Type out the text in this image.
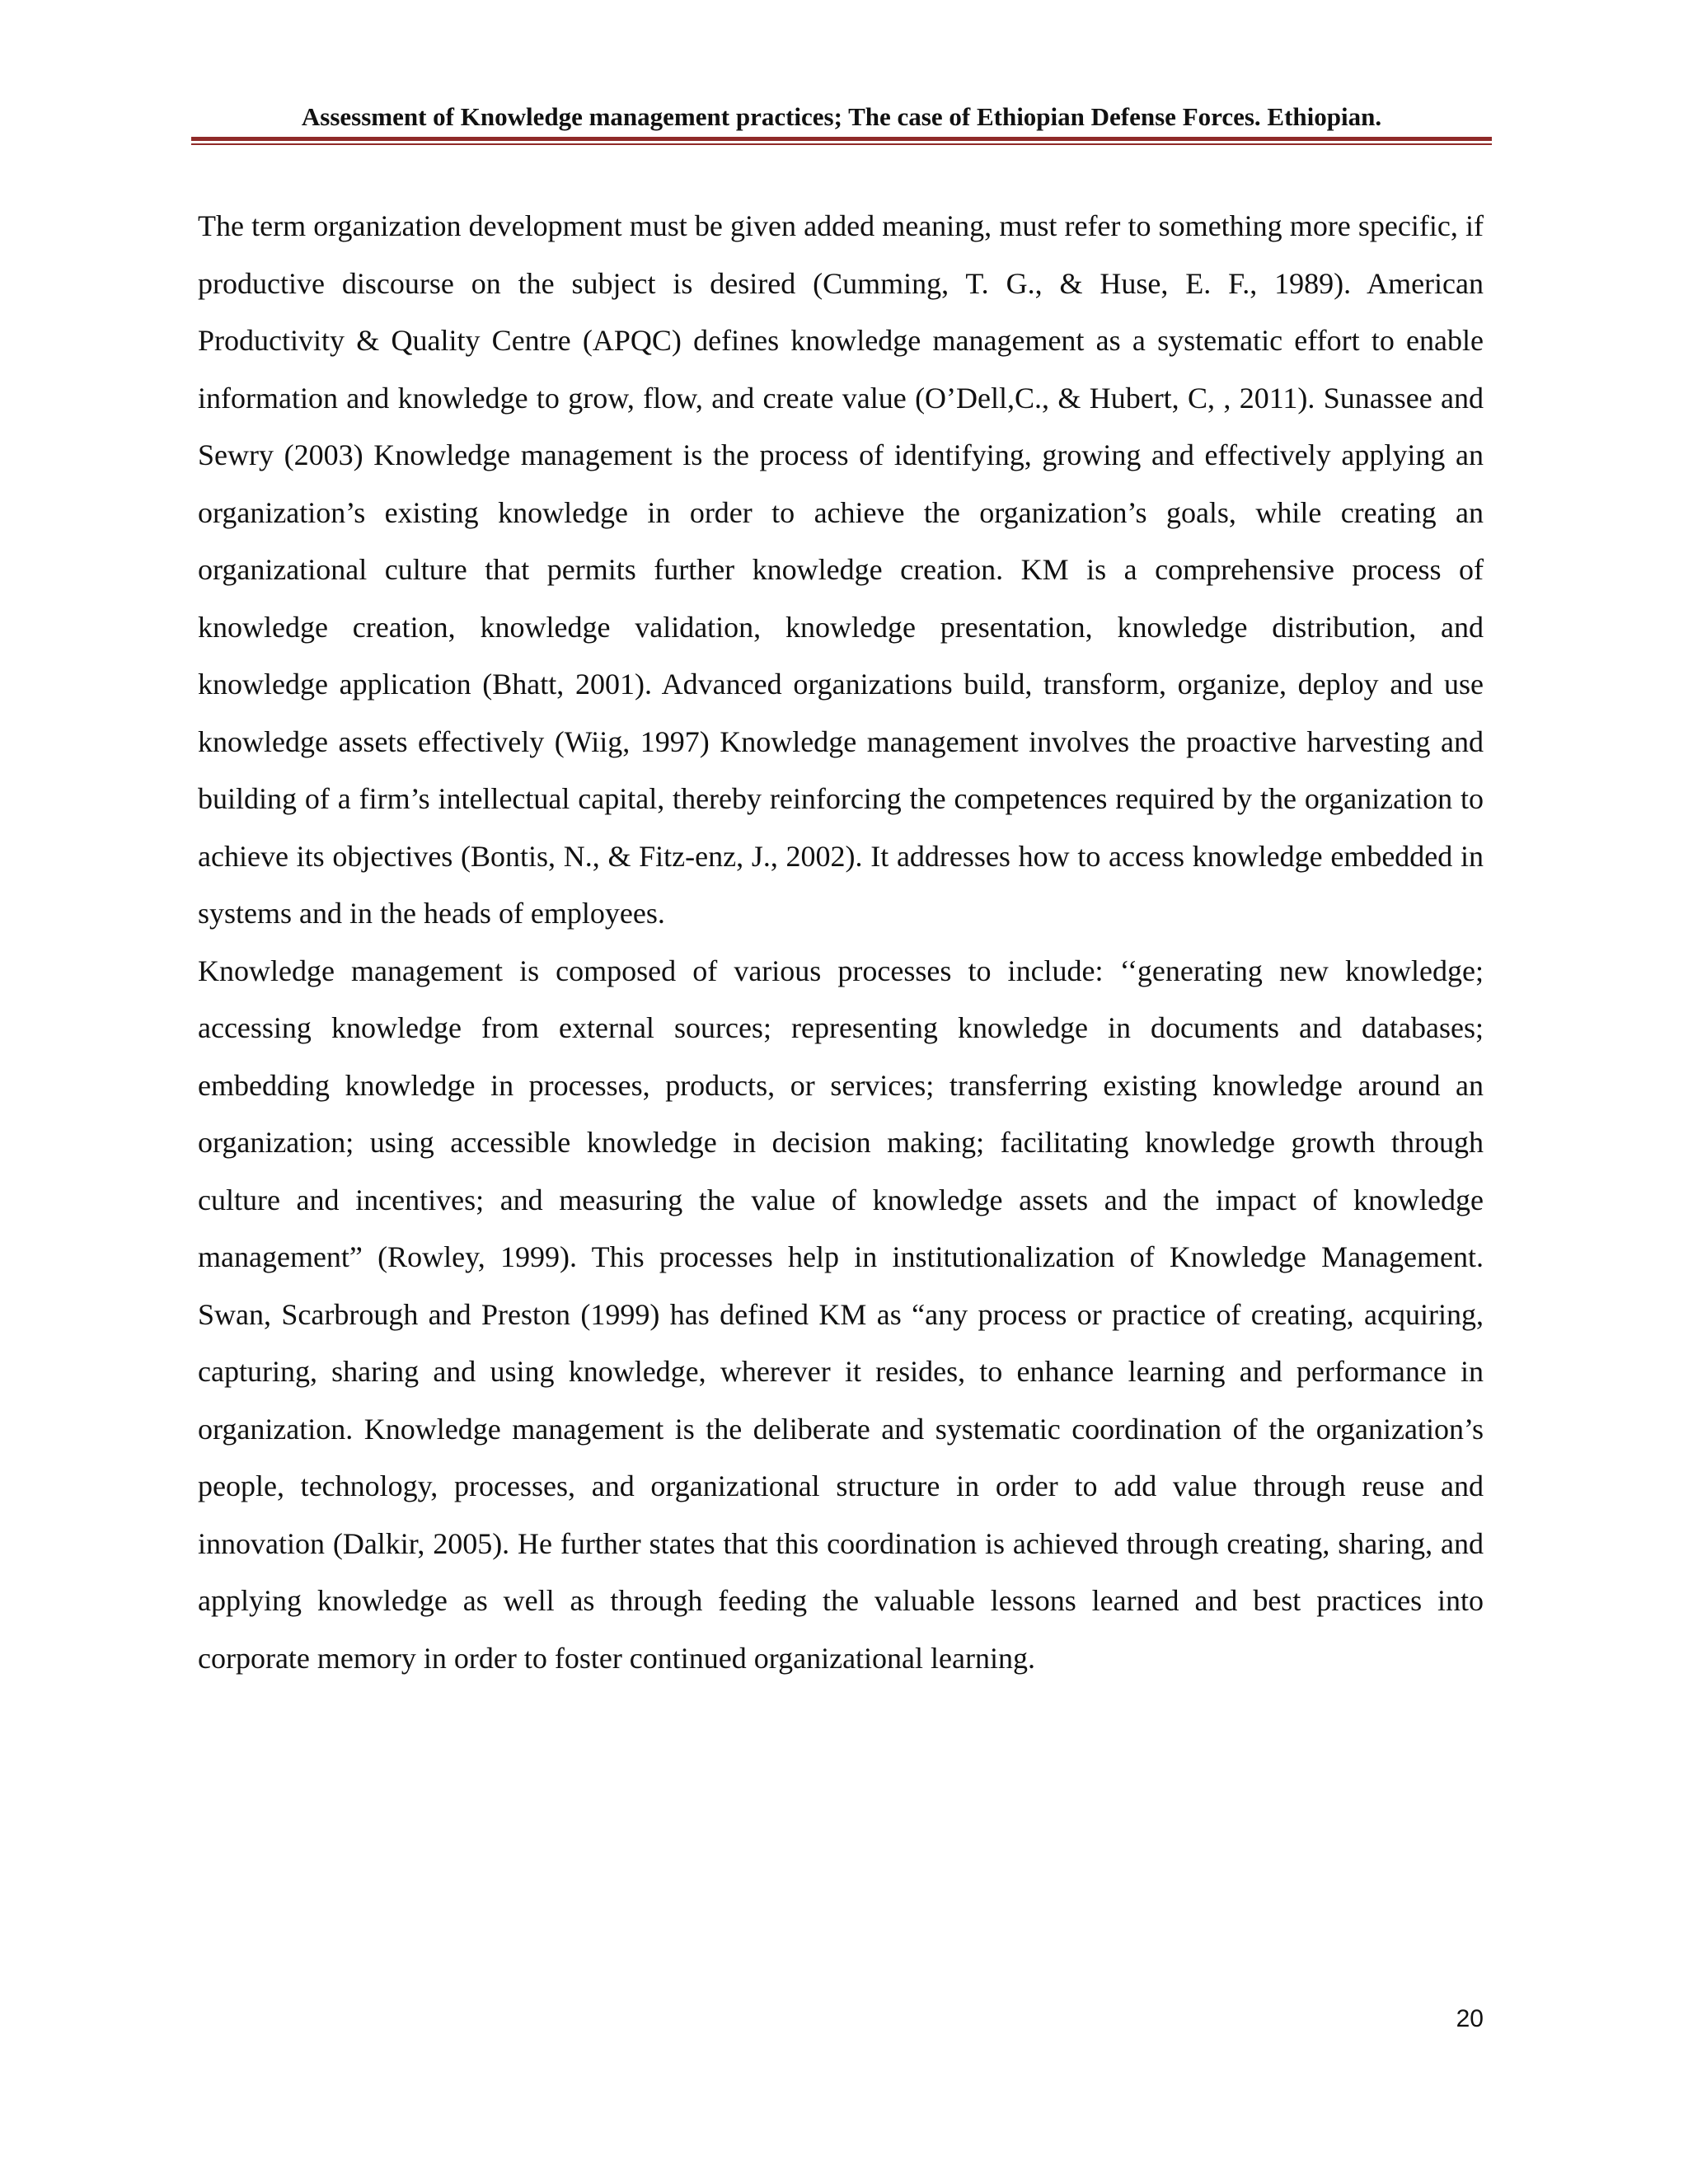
Assessment of Knowledge management practices; The case of Ethiopian Defense Forces. Ethiopian.

The term organization development must be given added meaning, must refer to something more specific, if productive discourse on the subject is desired (Cumming, T. G., & Huse, E. F., 1989). American Productivity & Quality Centre (APQC) defines knowledge management as a systematic effort to enable information and knowledge to grow, flow, and create value (O’Dell,C., & Hubert, C, , 2011). Sunassee and Sewry (2003) Knowledge management is the process of identifying, growing and effectively applying an organization’s existing knowledge in order to achieve the organization’s goals, while creating an organizational culture that permits further knowledge creation. KM is a comprehensive process of knowledge creation, knowledge validation, knowledge presentation, knowledge distribution, and knowledge application (Bhatt, 2001). Advanced organizations build, transform, organize, deploy and use knowledge assets effectively (Wiig, 1997) Knowledge management involves the proactive harvesting and building of a firm’s intellectual capital, thereby reinforcing the competences required by the organization to achieve its objectives (Bontis, N., & Fitz-enz, J., 2002). It addresses how to access knowledge embedded in systems and in the heads of employees.

Knowledge management is composed of various processes to include: ‘‘generating new knowledge; accessing knowledge from external sources; representing knowledge in documents and databases; embedding knowledge in processes, products, or services; transferring existing knowledge around an organization; using accessible knowledge in decision making; facilitating knowledge growth through culture and incentives; and measuring the value of knowledge assets and the impact of knowledge management” (Rowley, 1999). This processes help in institutionalization of Knowledge Management. Swan, Scarbrough and Preston (1999) has defined KM as “any process or practice of creating, acquiring, capturing, sharing and using knowledge, wherever it resides, to enhance learning and performance in organization. Knowledge management is the deliberate and systematic coordination of the organization’s people, technology, processes, and organizational structure in order to add value through reuse and innovation (Dalkir, 2005). He further states that this coordination is achieved through creating, sharing, and applying knowledge as well as through feeding the valuable lessons learned and best practices into corporate memory in order to foster continued organizational learning.

20
